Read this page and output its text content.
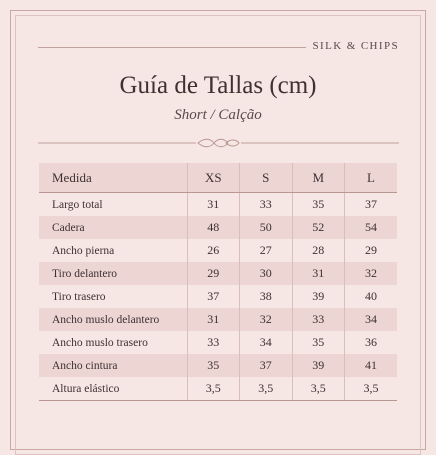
SILK & CHIPS
Guía de Tallas (cm)
Short / Calção
Medida	XS	S	M	L
Largo total	31	33	35	37
Cadera	48	50	52	54
Ancho pierna	26	27	28	29
Tiro delantero	29	30	31	32
Tiro trasero	37	38	39	40
Ancho muslo delantero	31	32	33	34
Ancho muslo trasero	33	34	35	36
Ancho cintura	35	37	39	41
Altura elástico	3,5	3,5	3,5	3,5
